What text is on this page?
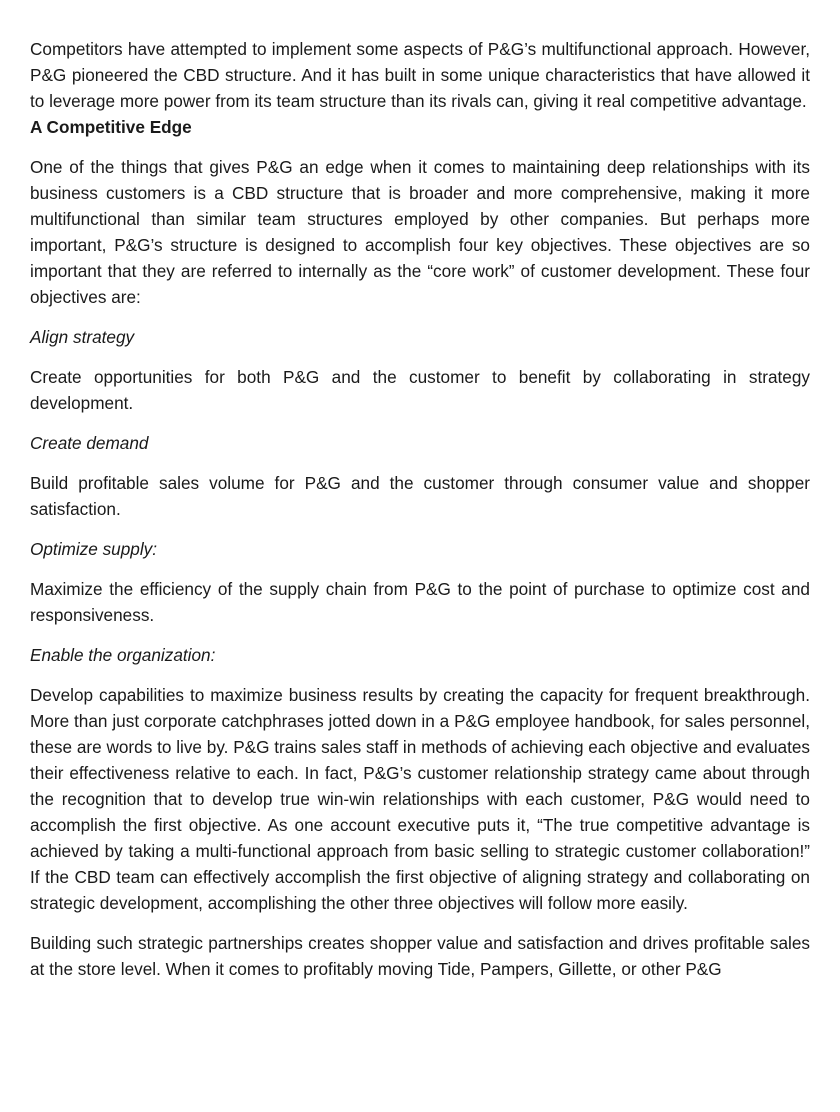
Competitors have attempted to implement some aspects of P&G’s multifunctional approach. However, P&G pioneered the CBD structure. And it has built in some unique characteristics that have allowed it to leverage more power from its team structure than its rivals can, giving it real competitive advantage.

A Competitive Edge

One of the things that gives P&G an edge when it comes to maintaining deep relationships with its business customers is a CBD structure that is broader and more comprehensive, making it more multifunctional than similar team structures employed by other companies. But perhaps more important, P&G’s structure is designed to accomplish four key objectives. These objectives are so important that they are referred to internally as the “core work” of customer development. These four objectives are:

Align strategy

Create opportunities for both P&G and the customer to benefit by collaborating in strategy development.

Create demand

Build profitable sales volume for P&G and the customer through consumer value and shopper satisfaction.

Optimize supply:

Maximize the efficiency of the supply chain from P&G to the point of purchase to optimize cost and responsiveness.

Enable the organization:

Develop capabilities to maximize business results by creating the capacity for frequent breakthrough. More than just corporate catchphrases jotted down in a P&G employee handbook, for sales personnel, these are words to live by. P&G trains sales staff in methods of achieving each objective and evaluates their effectiveness relative to each. In fact, P&G’s customer relationship strategy came about through the recognition that to develop true win-win relationships with each customer, P&G would need to accomplish the first objective. As one account executive puts it, “The true competitive advantage is achieved by taking a multi-functional approach from basic selling to strategic customer collaboration!” If the CBD team can effectively accomplish the first objective of aligning strategy and collaborating on strategic development, accomplishing the other three objectives will follow more easily.

Building such strategic partnerships creates shopper value and satisfaction and drives profitable sales at the store level. When it comes to profitably moving Tide, Pampers, Gillette, or other P&G
